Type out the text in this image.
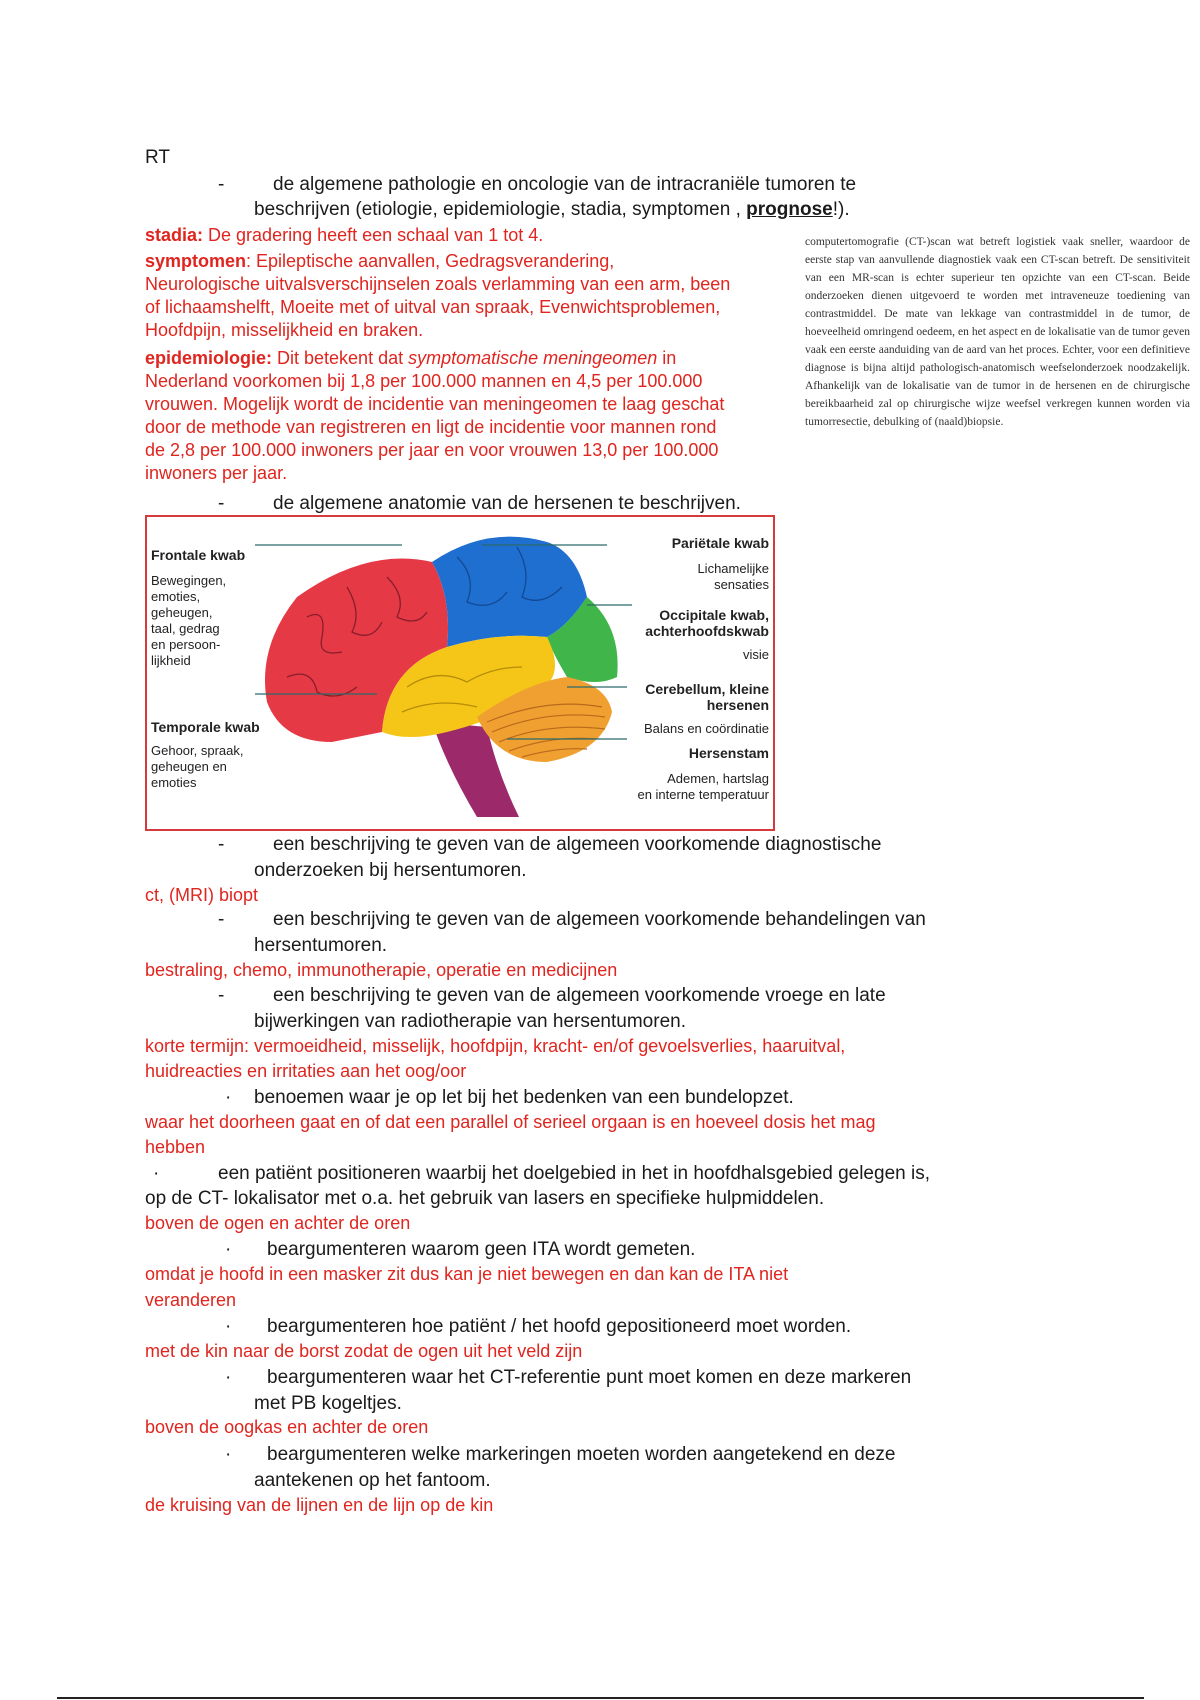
RT
-	de algemene pathologie en oncologie van de intracraniële tumoren te
beschrijven (etiologie, epidemiologie, stadia, symptomen , prognose!).
stadia: De gradering heeft een schaal van 1 tot 4.
symptomen: Epileptische aanvallen, Gedragsverandering,
Neurologische uitvalsverschijnselen zoals verlamming van een arm, been
of lichaamshelft, Moeite met of uitval van spraak, Evenwichtsproblemen,
Hoofdpijn, misselijkheid en braken.
epidemiologie: Dit betekent dat symptomatische meningeomen in
Nederland voorkomen bij 1,8 per 100.000 mannen en 4,5 per 100.000
vrouwen. Mogelijk wordt de incidentie van meningeomen te laag geschat
door de methode van registreren en ligt de incidentie voor mannen rond
de 2,8 per 100.000 inwoners per jaar en voor vrouwen 13,0 per 100.000
inwoners per jaar.
computertomografie (CT-)scan wat betreft logistiek vaak sneller, waardoor de eerste stap van aanvullende diagnostiek vaak een CT-scan betreft. De sensitiviteit van een MR-scan is echter superieur ten opzichte van een CT-scan. Beide onderzoeken dienen uitgevoerd te worden met intraveneuze toediening van contrastmiddel. De mate van lekkage van contrastmiddel in de tumor, de hoeveelheid omringend oedeem, en het aspect en de lokalisatie van de tumor geven vaak een eerste aanduiding van de aard van het proces. Echter, voor een definitieve diagnose is bijna altijd pathologisch-anatomisch weefselonderzoek noodzakelijk. Afhankelijk van de lokalisatie van de tumor in de hersenen en de chirurgische bereikbaarheid zal op chirurgische wijze weefsel verkregen kunnen worden via tumorresectie, debulking of (naald)biopsie.
-	de algemene anatomie van de hersenen te beschrijven.
Frontale kwab
Bewegingen,
emoties,
geheugen,
taal, gedrag
en persoon-
lijkheid
Temporale kwab
Gehoor, spraak,
geheugen en
emoties
Pariëtale kwab
Lichamelijke
sensaties
Occipitale kwab,
achterhoofdskwab
visie
Cerebellum, kleine
hersenen
Balans en coördinatie
Hersenstam
Ademen, hartslag
en interne temperatuur
-	een beschrijving te geven van de algemeen voorkomende diagnostische
onderzoeken bij hersentumoren.
ct, (MRI) biopt
-	een beschrijving te geven van de algemeen voorkomende behandelingen van
hersentumoren.
bestraling, chemo, immunotherapie, operatie en medicijnen
-	een beschrijving te geven van de algemeen voorkomende vroege en late
bijwerkingen van radiotherapie van hersentumoren.
korte termijn: vermoeidheid, misselijk, hoofdpijn, kracht- en/of gevoelsverlies, haaruitval,
huidreacties en irritaties aan het oog/oor
· benoemen waar je op let bij het bedenken van een bundelopzet.
waar het doorheen gaat en of dat een parallel of serieel orgaan is en hoeveel dosis het mag
hebben
·	een patiënt positioneren waarbij het doelgebied in het in hoofdhalsgebied gelegen is,
op de CT- lokalisator met o.a. het gebruik van lasers en specifieke hulpmiddelen.
boven de ogen en achter de oren
· beargumenteren waarom geen ITA wordt gemeten.
omdat je hoofd in een masker zit dus kan je niet bewegen en dan kan de ITA niet
veranderen
· beargumenteren hoe patiënt / het hoofd gepositioneerd moet worden.
met de kin naar de borst zodat de ogen uit het veld zijn
· beargumenteren waar het CT-referentie punt moet komen en deze markeren
met PB kogeltjes.
boven de oogkas en achter de oren
· beargumenteren welke markeringen moeten worden aangetekend en deze
aantekenen op het fantoom.
de kruising van de lijnen en de lijn op de kin
